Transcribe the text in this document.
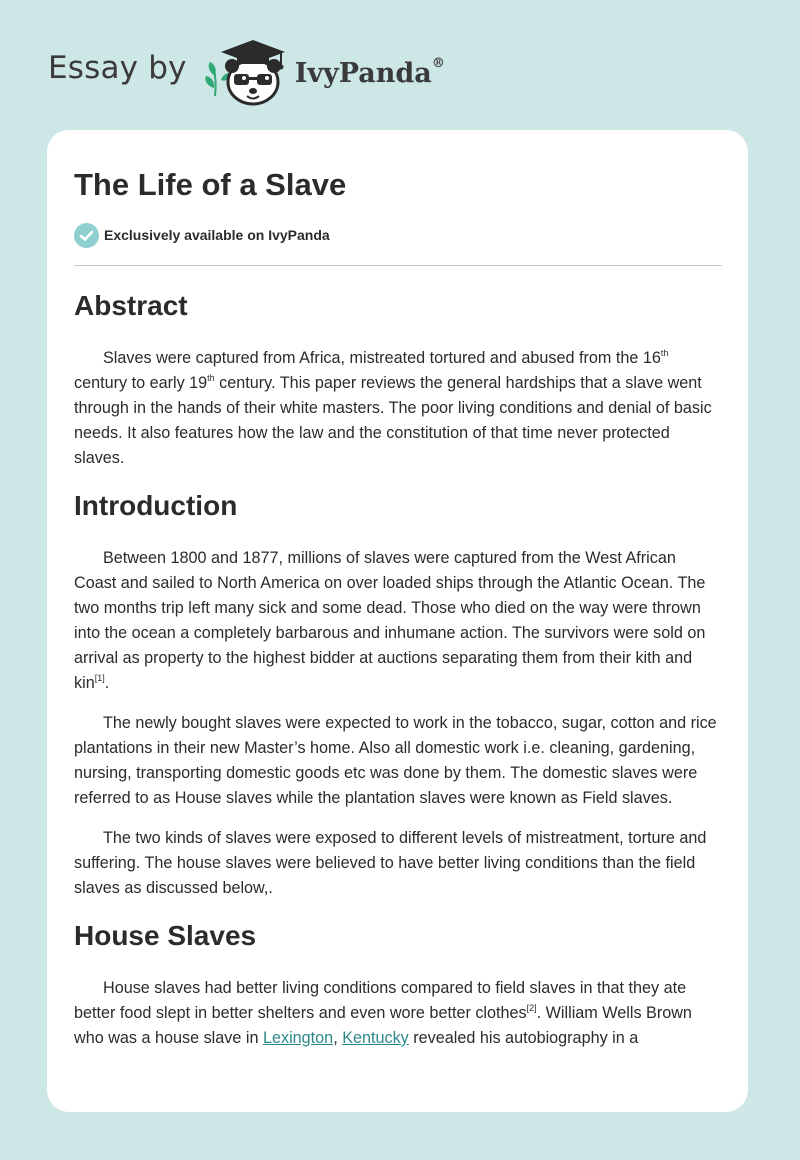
Essay by	IvyPanda®
The Life of a Slave
Exclusively available on IvyPanda
Abstract

Slaves were captured from Africa, mistreated tortured and abused from the 16th century to early 19th century. This paper reviews the general hardships that a slave went through in the hands of their white masters. The poor living conditions and denial of basic needs. It also features how the law and the constitution of that time never protected slaves.

Introduction

Between 1800 and 1877, millions of slaves were captured from the West African Coast and sailed to North America on over loaded ships through the Atlantic Ocean. The two months trip left many sick and some dead. Those who died on the way were thrown into the ocean a completely barbarous and inhumane action. The survivors were sold on arrival as property to the highest bidder at auctions separating them from their kith and kin[1].

The newly bought slaves were expected to work in the tobacco, sugar, cotton and rice plantations in their new Master’s home. Also all domestic work i.e. cleaning, gardening, nursing, transporting domestic goods etc was done by them. The domestic slaves were referred to as House slaves while the plantation slaves were known as Field slaves.

The two kinds of slaves were exposed to different levels of mistreatment, torture and suffering. The house slaves were believed to have better living conditions than the field slaves as discussed below,.

House Slaves

House slaves had better living conditions compared to field slaves in that they ate better food slept in better shelters and even wore better clothes[2]. William Wells Brown who was a house slave in Lexington, Kentucky revealed his autobiography in a
